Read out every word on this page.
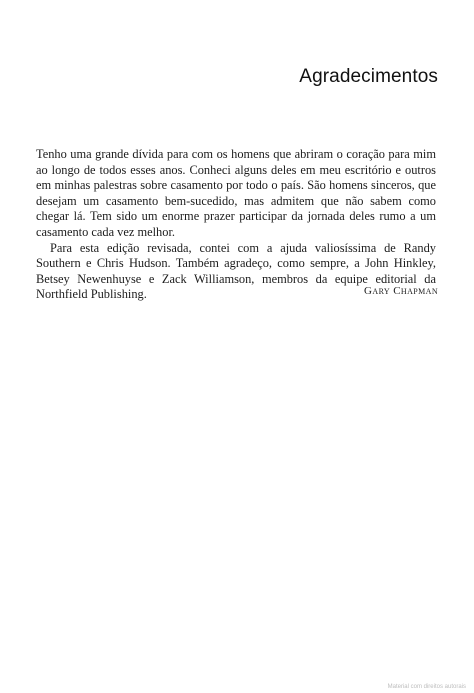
Agradecimentos

Tenho uma grande dívida para com os homens que abriram o coração para mim ao longo de todos esses anos. Conheci alguns deles em meu escritório e outros em minhas palestras sobre casamento por todo o país. São homens sinceros, que desejam um casamento bem-sucedido, mas admitem que não sabem como chegar lá. Tem sido um enorme prazer participar da jornada deles rumo a um casamento cada vez melhor.

Para esta edição revisada, contei com a ajuda valiosíssima de Randy Southern e Chris Hudson. Também agradeço, como sempre, a John Hinkley, Betsey Newenhuyse e Zack Williamson, membros da equipe editorial da Northfield Publishing.	Gary Chapman
Material com direitos autorais
